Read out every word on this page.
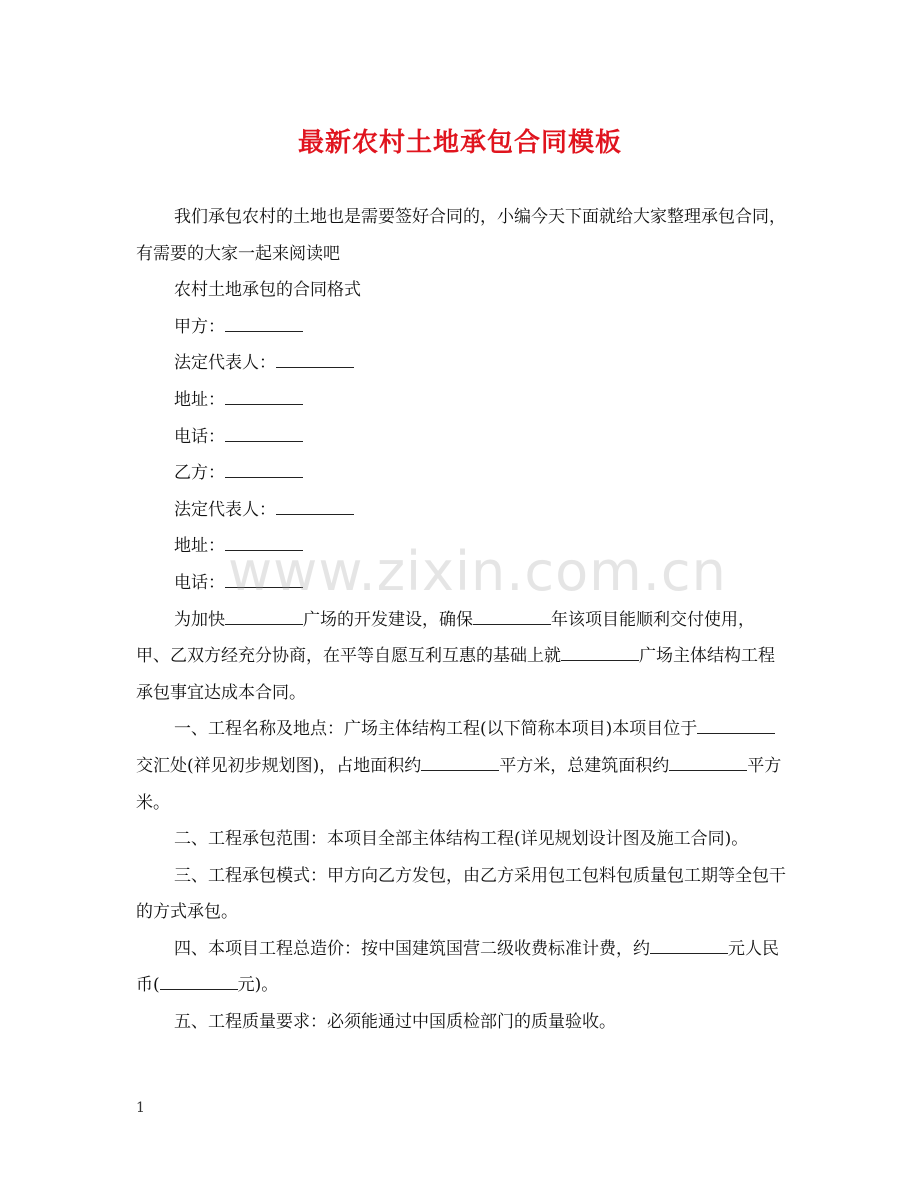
最新农村土地承包合同模板

我们承包农村的土地也是需要签好合同的，小编今天下面就给大家整理承包合同，有需要的大家一起来阅读吧

农村土地承包的合同格式

甲方：

法定代表人：

地址：

电话：

乙方：

法定代表人：

地址：

电话：

为加快	广场的开发建设，确保	年该项目能顺利交付使用，甲、乙双方经充分协商，在平等自愿互利互惠的基础上就	广场主体结构工程承包事宜达成本合同。

一、工程名称及地点：广场主体结构工程(以下简称本项目)本项目位于交汇处(祥见初步规划图)，占地面积约	平方米，总建筑面积约	平方米。

二、工程承包范围：本项目全部主体结构工程(详见规划设计图及施工合同)。

三、工程承包模式：甲方向乙方发包，由乙方采用包工包料包质量包工期等全包干的方式承包。

四、本项目工程总造价：按中国建筑国营二级收费标准计费，约	元人民币(	元)。

五、工程质量要求：必须能通过中国质检部门的质量验收。

www.zixin.com.cn
1
